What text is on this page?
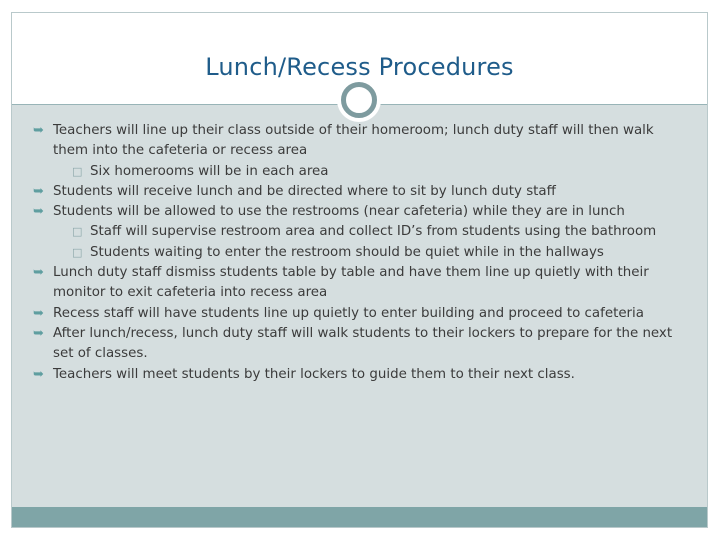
Lunch/Recess Procedures
➥ Teachers will line up their class outside of their homeroom; lunch duty staff will then walk them into the cafeteria or recess area
□ Six homerooms will be in each area
➥ Students will receive lunch and be directed where to sit by lunch duty staff
➥ Students will be allowed to use the restrooms (near cafeteria) while they are in lunch
□ Staff will supervise restroom area and collect ID’s from students using the bathroom
□ Students waiting to enter the restroom should be quiet while in the hallways
➥ Lunch duty staff dismiss students table by table and have them line up quietly with their monitor to exit cafeteria into recess area
➥ Recess staff will have students line up quietly to enter building and proceed to cafeteria
➥ After lunch/recess, lunch duty staff will walk students to their lockers to prepare for the next set of classes.
➥ Teachers will meet students by their lockers to guide them to their next class.
